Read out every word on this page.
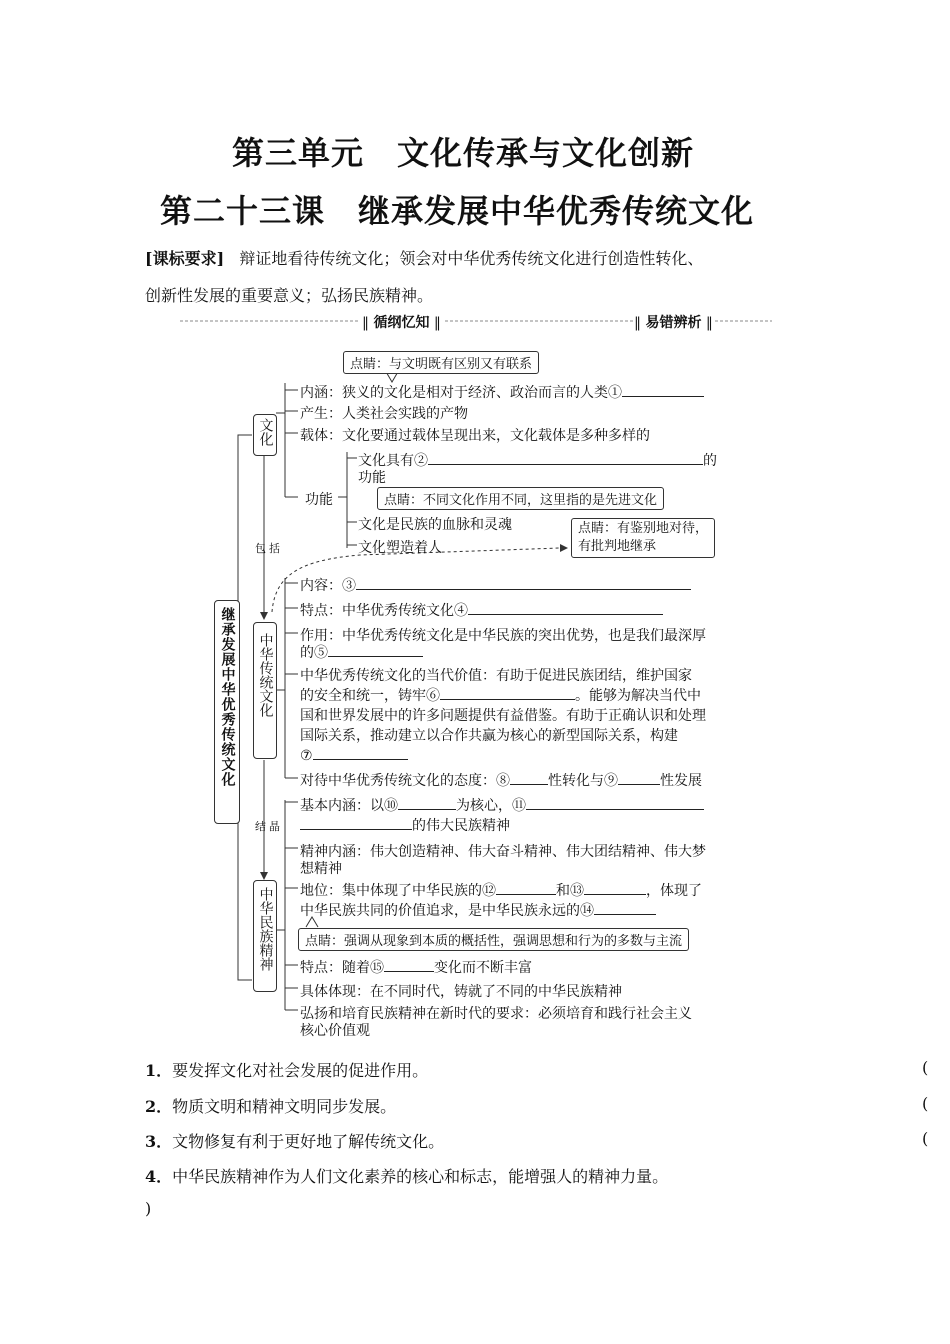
第三单元　文化传承与文化创新
第二十三课　继承发展中华优秀传统文化
[课标要求] 辩证地看待传统文化；领会对中华优秀传统文化进行创造性转化、
创新性发展的重要意义；弘扬民族精神。
‖ 循纲忆知 ‖	‖ 易错辨析 ‖
继承发展中华优秀传统文化
文化
中华传统文化
中华民族精神
包括
结晶
点睛：与文明既有区别又有联系
点睛：不同文化作用不同，这里指的是先进文化
点睛：有鉴别地对待，
有批判地继承
点睛：强调从现象到本质的概括性，强调思想和行为的多数与主流
内涵：狭义的文化是相对于经济、政治而言的人类①
产生：人类社会实践的产物
载体：文化要通过载体呈现出来，文化载体是多种多样的
功能
文化具有②	的
功能
文化是民族的血脉和灵魂
文化塑造着人
内容：③
特点：中华优秀传统文化④
作用：中华优秀传统文化是中华民族的突出优势，也是我们最深厚
的⑤
中华优秀传统文化的当代价值：有助于促进民族团结，维护国家
的安全和统一，铸牢⑥	。能够为解决当代中
国和世界发展中的许多问题提供有益借鉴。有助于正确认识和处理
国际关系，推动建立以合作共赢为核心的新型国际关系，构建
⑦
对待中华优秀传统文化的态度：⑧	性转化与⑨	性发展
基本内涵：以⑩	为核心，⑪
的伟大民族精神
精神内涵：伟大创造精神、伟大奋斗精神、伟大团结精神、伟大梦
想精神
地位：集中体现了中华民族的⑫	和⑬	，体现了
中华民族共同的价值追求，是中华民族永远的⑭
特点：随着⑮	变化而不断丰富
具体体现：在不同时代，铸就了不同的中华民族精神
弘扬和培育民族精神在新时代的要求：必须培育和践行社会主义
核心价值观
1．要发挥文化对社会发展的促进作用。	(
2．物质文明和精神文明同步发展。	(
3．文物修复有利于更好地了解传统文化。	(
4．中华民族精神作为人们文化素养的核心和标志，能增强人的精神力量。
)
